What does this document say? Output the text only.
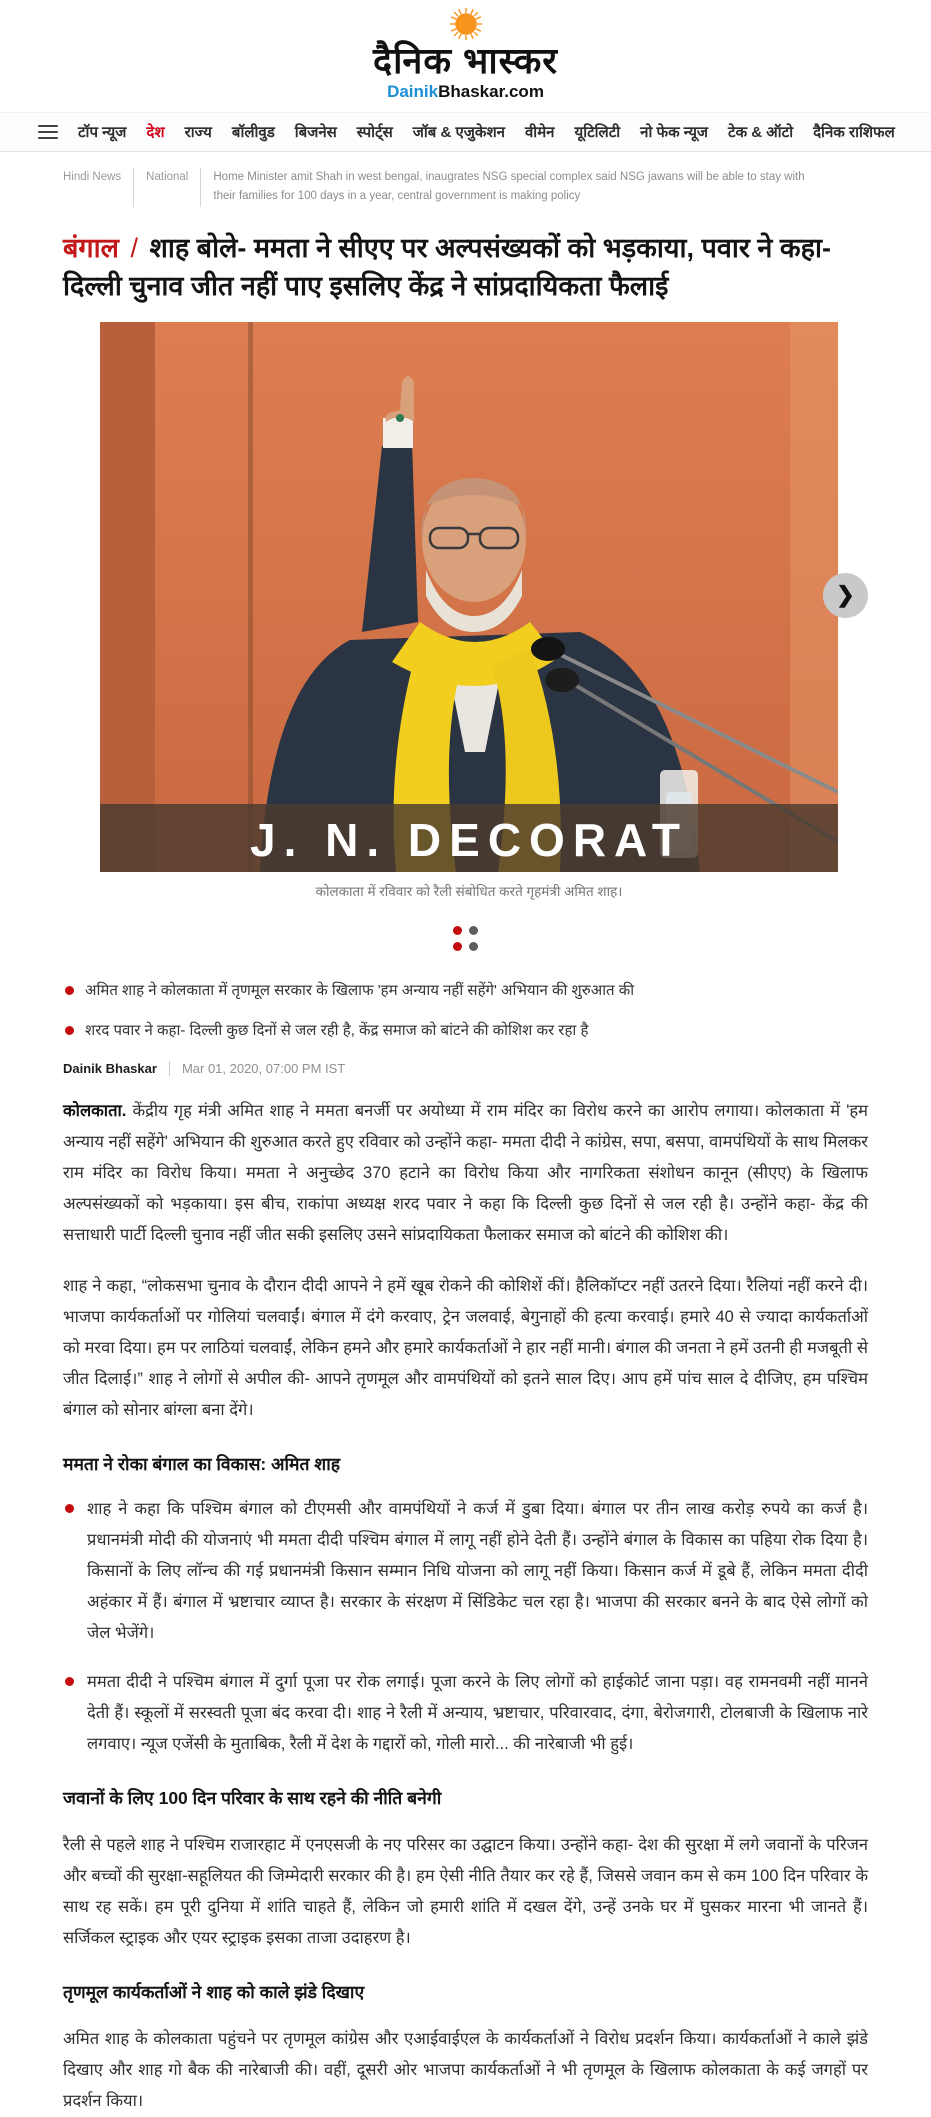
दैनिक भास्कर
DainikBhaskar.com
टॉप न्यूज देश राज्य बॉलीवुड बिजनेस स्पोर्ट्स जॉब & एजुकेशन वीमेन यूटिलिटी नो फेक न्यूज टेक & ऑटो दैनिक राशिफल
Hindi News	National	Home Minister amit Shah in west bengal, inaugrates NSG special complex said NSG jawans will be able to stay with their families for 100 days in a year, central government is making policy
बंगाल / शाह बोले- ममता ने सीएए पर अल्पसंख्यकों को भड़काया, पवार ने कहा- दिल्ली चुनाव जीत नहीं पाए इसलिए केंद्र ने सांप्रदायिकता फैलाई
J. N. DECORAT
❯
कोलकाता में रविवार को रैली संबोधित करते गृहमंत्री अमित शाह।
अमित शाह ने कोलकाता में तृणमूल सरकार के खिलाफ 'हम अन्याय नहीं सहेंगे' अभियान की शुरुआत की
शरद पवार ने कहा- दिल्ली कुछ दिनों से जल रही है, केंद्र समाज को बांटने की कोशिश कर रहा है
Dainik Bhaskar Mar 01, 2020, 07:00 PM IST

कोलकाता. केंद्रीय गृह मंत्री अमित शाह ने ममता बनर्जी पर अयोध्या में राम मंदिर का विरोध करने का आरोप लगाया। कोलकाता में 'हम अन्याय नहीं सहेंगे' अभियान की शुरुआत करते हुए रविवार को उन्होंने कहा- ममता दीदी ने कांग्रेस, सपा, बसपा, वामपंथियों के साथ मिलकर राम मंदिर का विरोध किया। ममता ने अनुच्छेद 370 हटाने का विरोध किया और नागरिकता संशोधन कानून (सीएए) के खिलाफ अल्पसंख्यकों को भड़काया। इस बीच, राकांपा अध्यक्ष शरद पवार ने कहा कि दिल्ली कुछ दिनों से जल रही है। उन्होंने कहा- केंद्र की सत्ताधारी पार्टी दिल्ली चुनाव नहीं जीत सकी इसलिए उसने सांप्रदायिकता फैलाकर समाज को बांटने की कोशिश की।

शाह ने कहा, “लोकसभा चुनाव के दौरान दीदी आपने ने हमें खूब रोकने की कोशिशें कीं। हैलिकॉप्टर नहीं उतरने दिया। रैलियां नहीं करने दी। भाजपा कार्यकर्ताओं पर गोलियां चलवाईं। बंगाल में दंगे करवाए, ट्रेन जलवाई, बेगुनाहों की हत्या करवाई। हमारे 40 से ज्यादा कार्यकर्ताओं को मरवा दिया। हम पर लाठियां चलवाईं, लेकिन हमने और हमारे कार्यकर्ताओं ने हार नहीं मानी। बंगाल की जनता ने हमें उतनी ही मजबूती से जीत दिलाई।” शाह ने लोगों से अपील की- आपने तृणमूल और वामपंथियों को इतने साल दिए। आप हमें पांच साल दे दीजिए, हम पश्चिम बंगाल को सोनार बांग्ला बना देंगे।

ममता ने रोका बंगाल का विकास: अमित शाह
शाह ने कहा कि पश्चिम बंगाल को टीएमसी और वामपंथियों ने कर्ज में डुबा दिया। बंगाल पर तीन लाख करोड़ रुपये का कर्ज है। प्रधानमंत्री मोदी की योजनाएं भी ममता दीदी पश्चिम बंगाल में लागू नहीं होने देती हैं। उन्होंने बंगाल के विकास का पहिया रोक दिया है। किसानों के लिए लॉन्च की गई प्रधानमंत्री किसान सम्मान निधि योजना को लागू नहीं किया। किसान कर्ज में डूबे हैं, लेकिन ममता दीदी अहंकार में हैं। बंगाल में भ्रष्टाचार व्याप्त है। सरकार के संरक्षण में सिंडिकेट चल रहा है। भाजपा की सरकार बनने के बाद ऐसे लोगों को जेल भेजेंगे।
ममता दीदी ने पश्चिम बंगाल में दुर्गा पूजा पर रोक लगाई। पूजा करने के लिए लोगों को हाईकोर्ट जाना पड़ा। वह रामनवमी नहीं मानने देती हैं। स्कूलों में सरस्वती पूजा बंद करवा दी। शाह ने रैली में अन्याय, भ्रष्टाचार, परिवारवाद, दंगा, बेरोजगारी, टोलबाजी के खिलाफ नारे लगवाए। न्यूज एजेंसी के मुताबिक, रैली में देश के गद्दारों को, गोली मारो... की नारेबाजी भी हुई।
जवानों के लिए 100 दिन परिवार के साथ रहने की नीति बनेगी

रैली से पहले शाह ने पश्चिम राजारहाट में एनएसजी के नए परिसर का उद्घाटन किया। उन्होंने कहा- देश की सुरक्षा में लगे जवानों के परिजन और बच्चों की सुरक्षा-सहूलियत की जिम्मेदारी सरकार की है। हम ऐसी नीति तैयार कर रहे हैं, जिससे जवान कम से कम 100 दिन परिवार के साथ रह सकें। हम पूरी दुनिया में शांति चाहते हैं, लेकिन जो हमारी शांति में दखल देंगे, उन्हें उनके घर में घुसकर मारना भी जानते हैं। सर्जिकल स्ट्राइक और एयर स्ट्राइक इसका ताजा उदाहरण है।

तृणमूल कार्यकर्ताओं ने शाह को काले झंडे दिखाए

अमित शाह के कोलकाता पहुंचने पर तृणमूल कांग्रेस और एआईवाईएल के कार्यकर्ताओं ने विरोध प्रदर्शन किया। कार्यकर्ताओं ने काले झंडे दिखाए और शाह गो बैक की नारेबाजी की। वहीं, दूसरी ओर भाजपा कार्यकर्ताओं ने भी तृणमूल के खिलाफ कोलकाता के कई जगहों पर प्रदर्शन किया।
